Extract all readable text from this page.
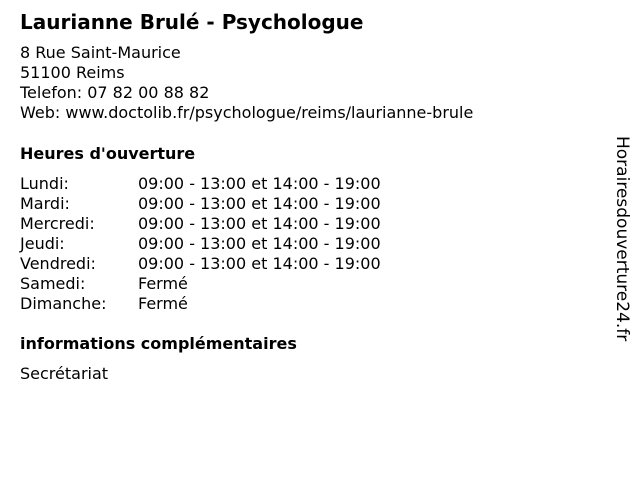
Laurianne Brulé - Psychologue
8 Rue Saint-Maurice
51100 Reims
Telefon: 07 82 00 88 82
Web: www.doctolib.fr/psychologue/reims/laurianne-brule
Heures d'ouverture
Lundi:	09:00 - 13:00 et 14:00 - 19:00
Mardi:	09:00 - 13:00 et 14:00 - 19:00
Mercredi:	09:00 - 13:00 et 14:00 - 19:00
Jeudi:	09:00 - 13:00 et 14:00 - 19:00
Vendredi:	09:00 - 13:00 et 14:00 - 19:00
Samedi:	Fermé
Dimanche: Fermé
informations complémentaires
Secrétariat
Horairesdouverture24.fr
